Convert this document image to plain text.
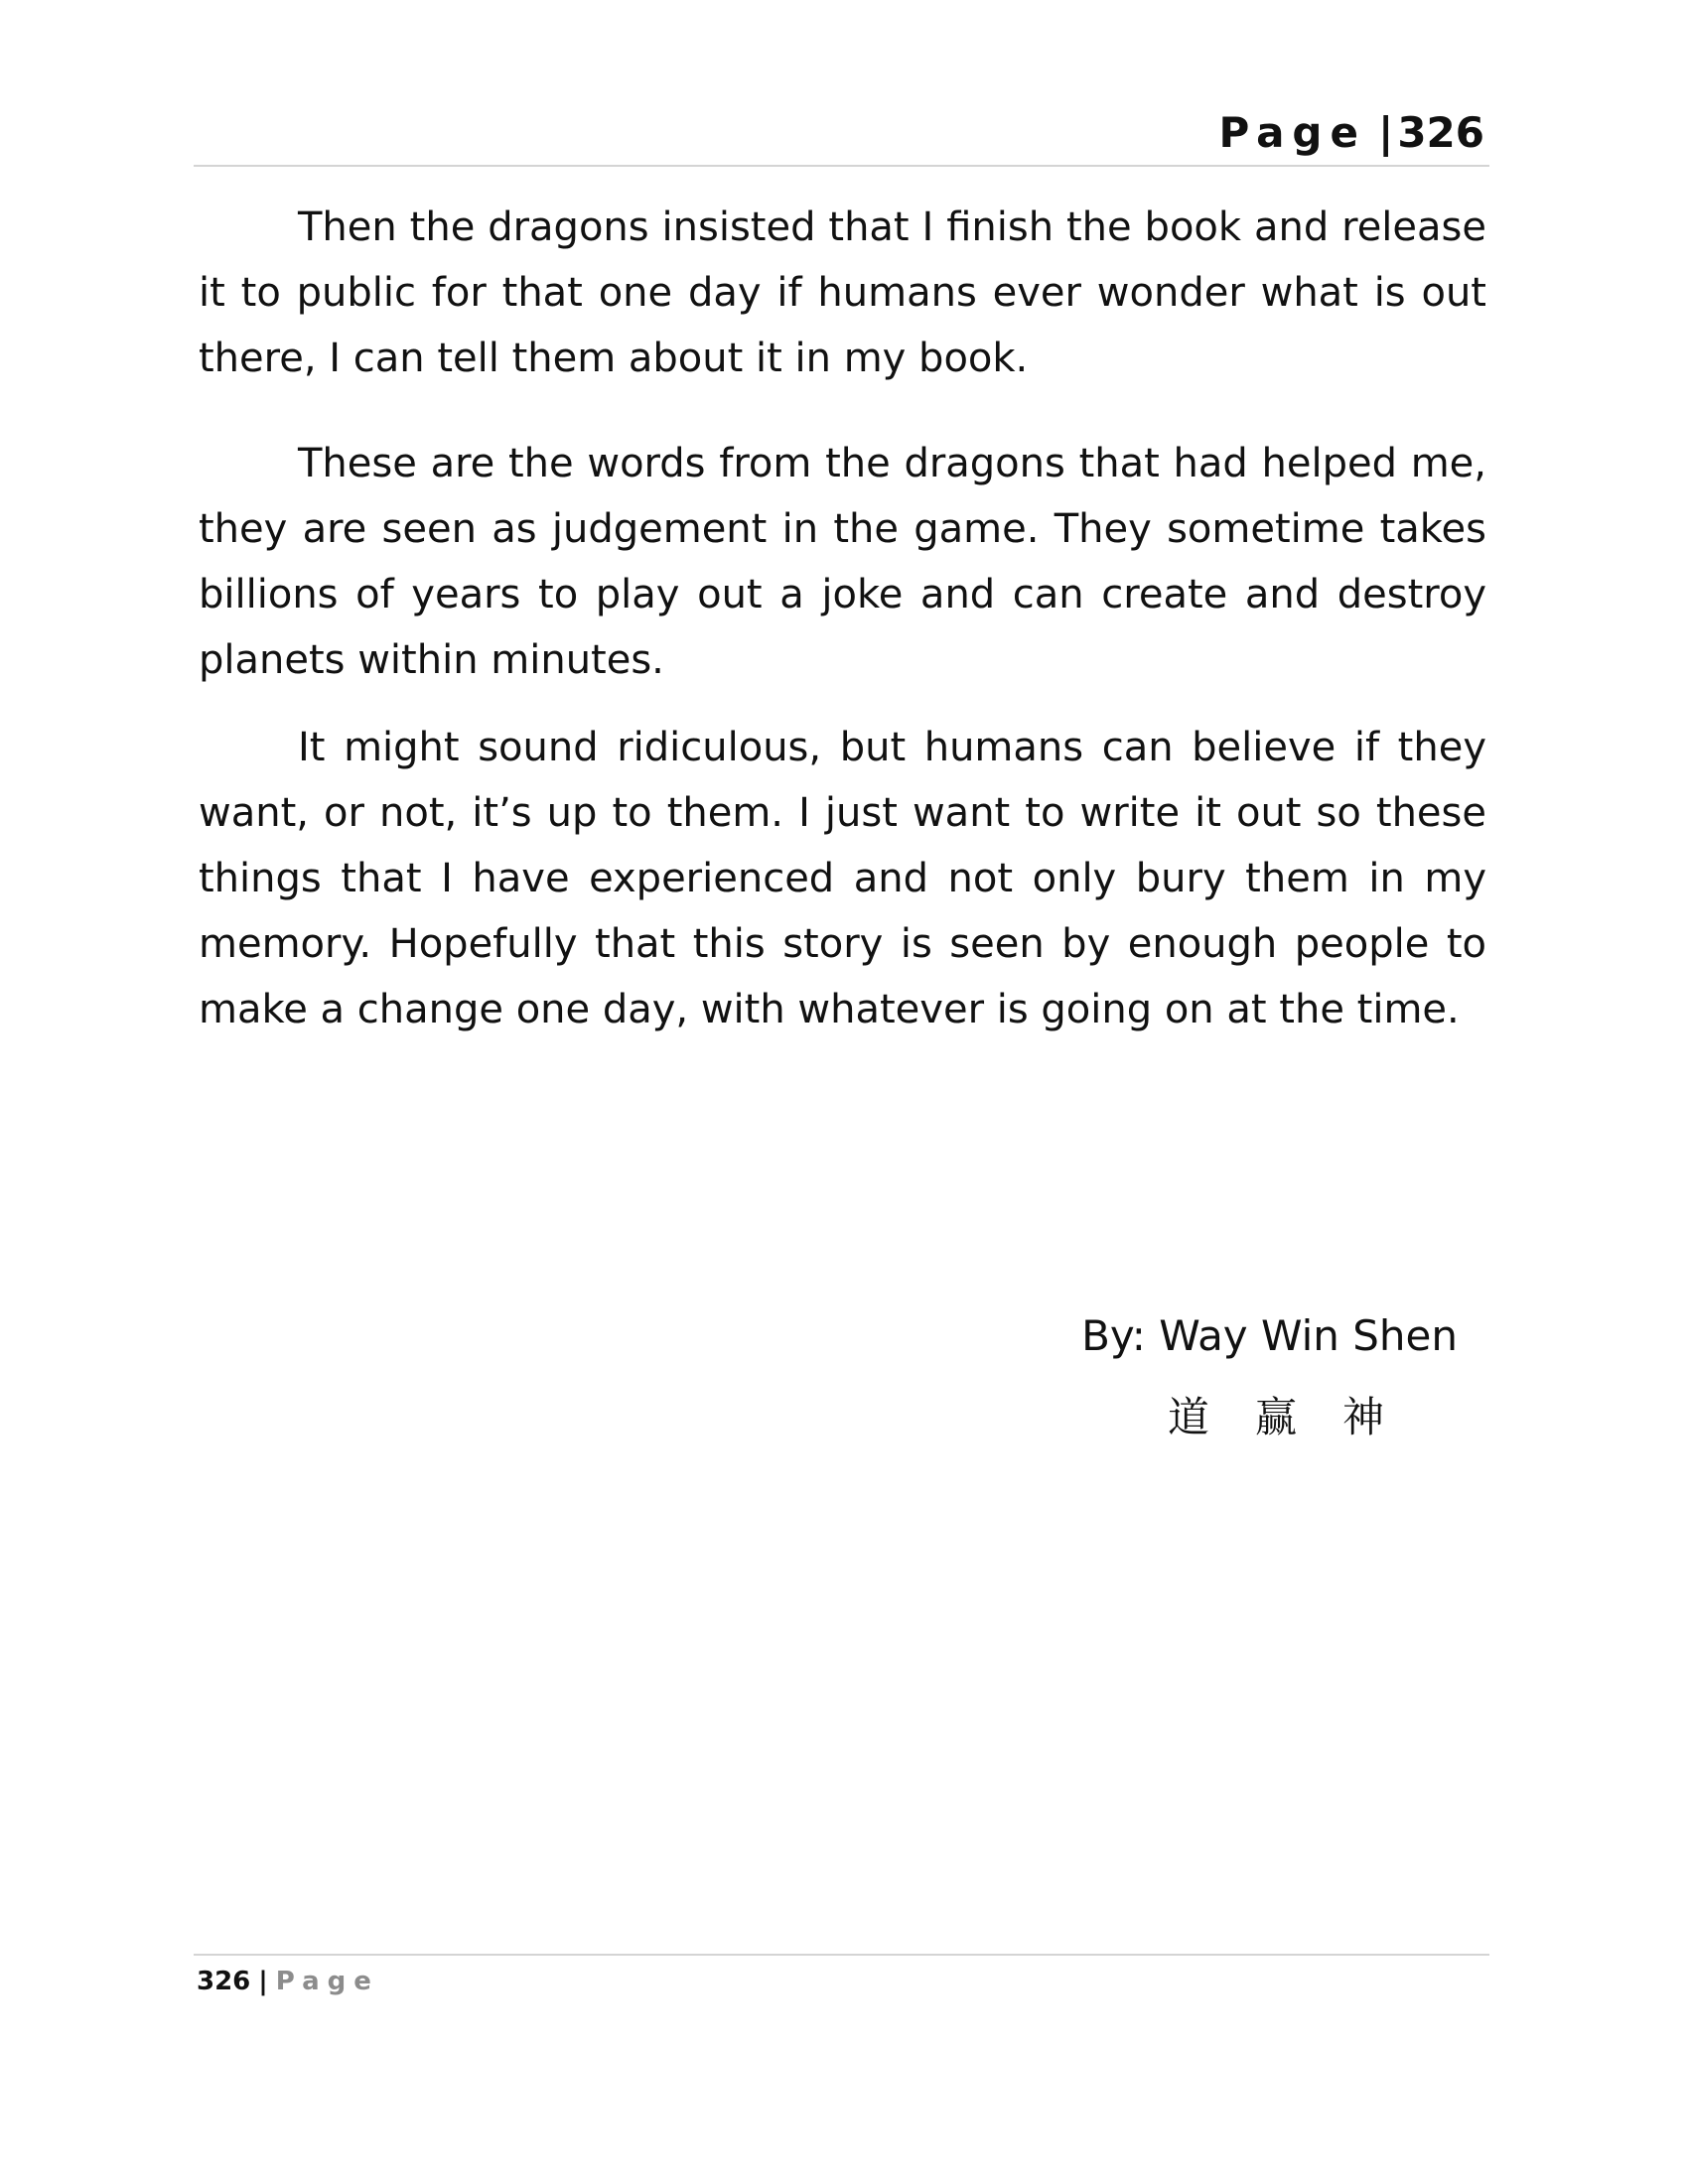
Page |326

Then the dragons insisted that I finish the book and release it to public for that one day if humans ever wonder what is out there, I can tell them about it in my book.

These are the words from the dragons that had helped me, they are seen as judgement in the game. They sometime takes billions of years to play out a joke and can create and destroy planets within minutes.

It might sound ridiculous, but humans can believe if they want, or not, it’s up to them. I just want to write it out so these things that I have experienced and not only bury them in my memory. Hopefully that this story is seen by enough people to make a change one day, with whatever is going on at the time.

By: Way Win Shen
道赢神
326 | Page
